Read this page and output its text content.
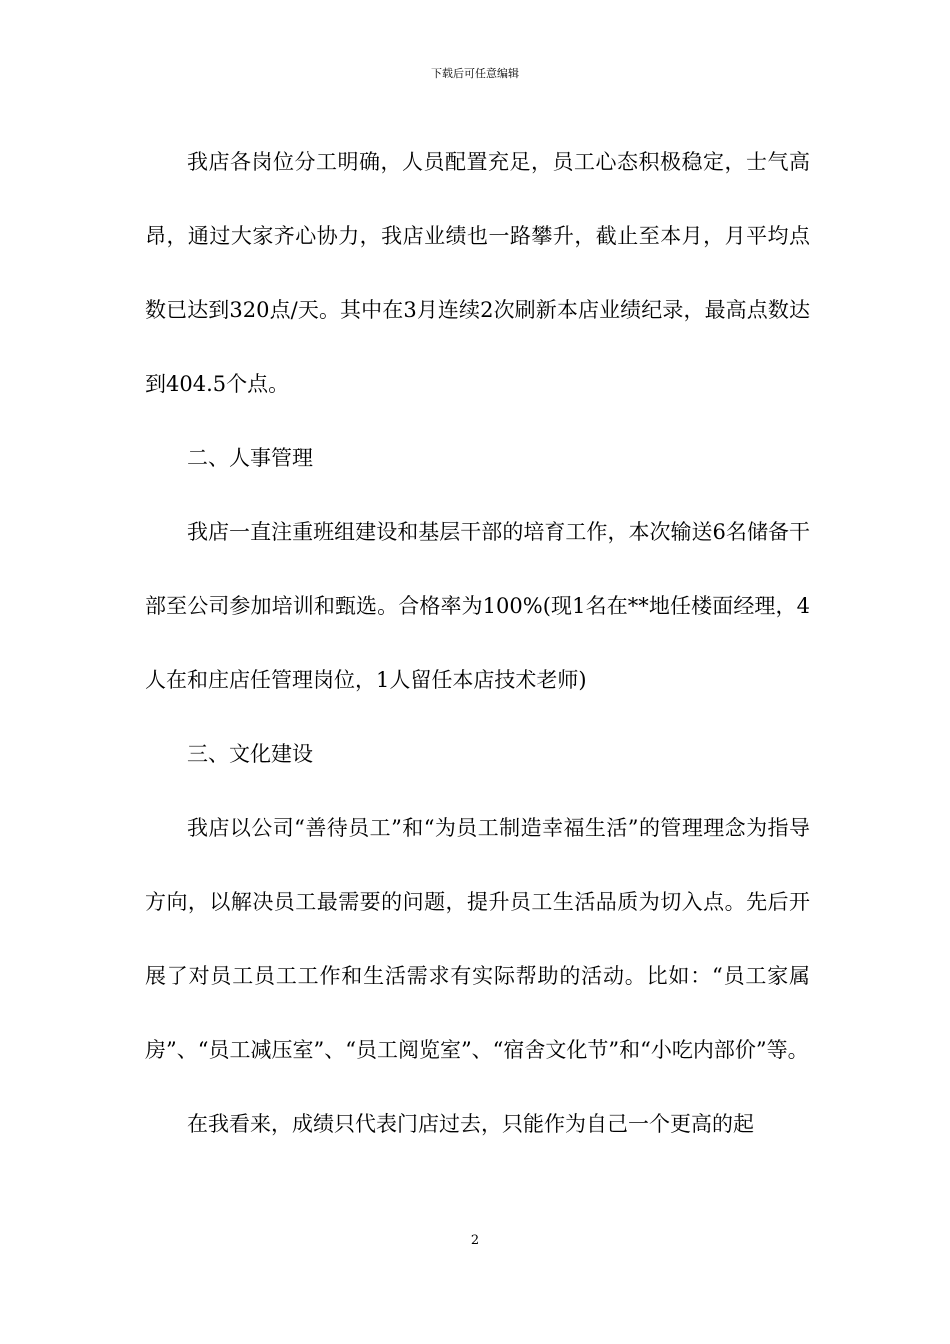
下载后可任意编辑

我店各岗位分工明确，人员配置充足，员工心态积极稳定，士气高昂，通过大家齐心协力，我店业绩也一路攀升，截止至本月，月平均点数已达到320点/天。其中在3月连续2次刷新本店业绩纪录，最高点数达到404.5个点。

二、人事管理

我店一直注重班组建设和基层干部的培育工作，本次输送6名储备干部至公司参加培训和甄选。合格率为100%(现1名在**地任楼面经理，4人在和庄店任管理岗位，1人留任本店技术老师)

三、文化建设

我店以公司“善待员工”和“为员工制造幸福生活”的管理理念为指导方向，以解决员工最需要的问题，提升员工生活品质为切入点。先后开展了对员工员工工作和生活需求有实际帮助的活动。比如：“员工家属房”、“员工减压室”、“员工阅览室”、“宿舍文化节”和“小吃内部价”等。

在我看来，成绩只代表门店过去，只能作为自己一个更高的起

2
